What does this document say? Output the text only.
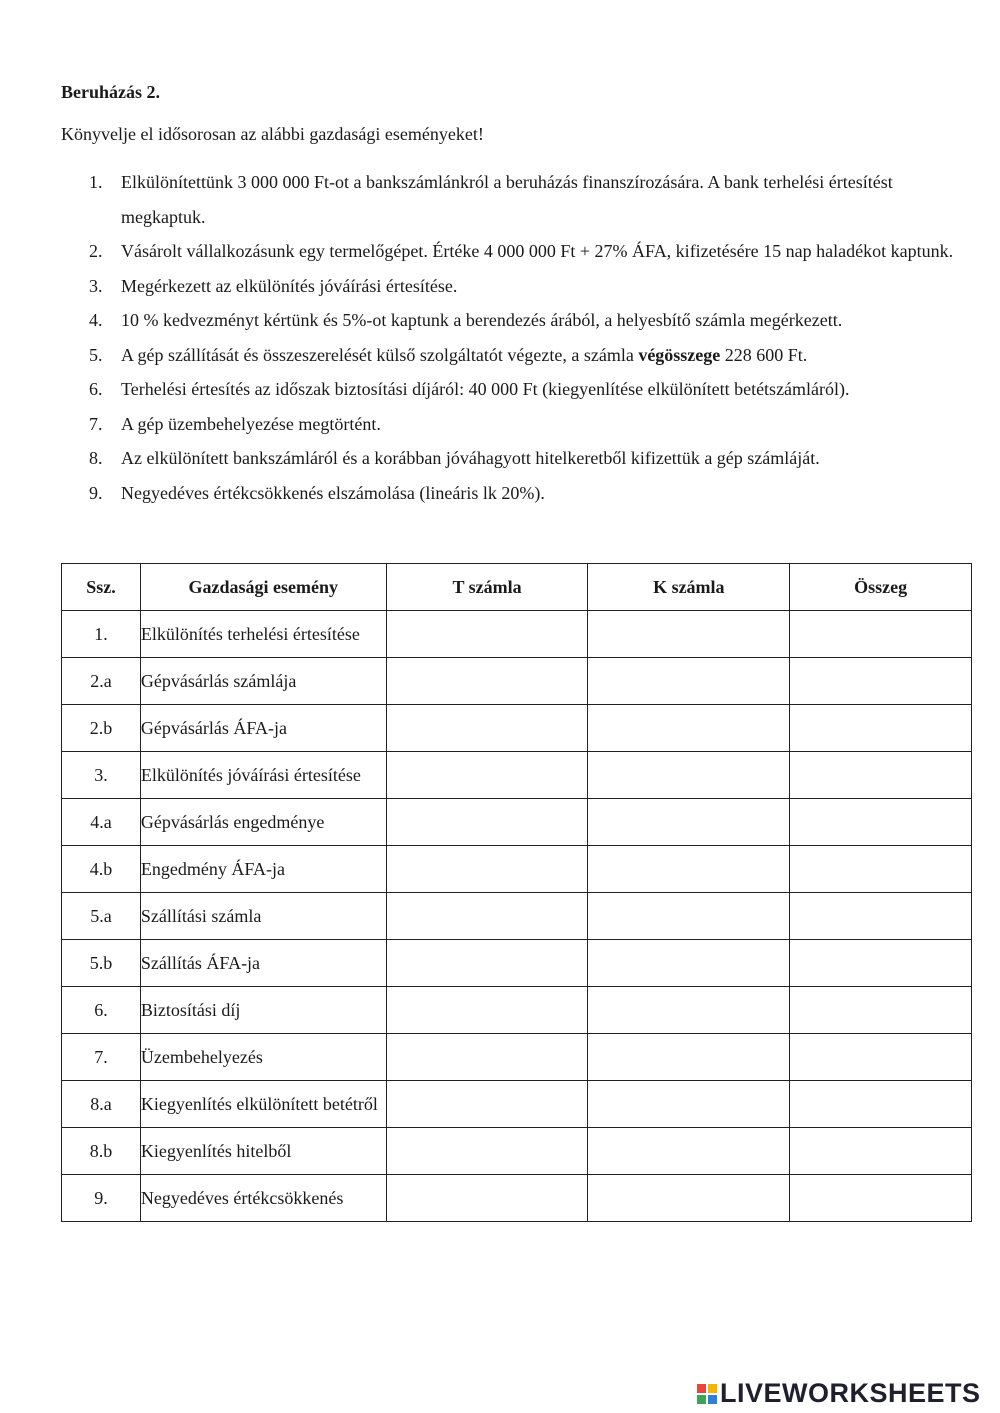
Beruházás 2.
Könyvelje el idősorosan az alábbi gazdasági eseményeket!
1. Elkülönítettünk 3 000 000 Ft-ot a bankszámlánkról a beruházás finanszírozására. A bank terhelési értesítést megkaptuk.
2. Vásárolt vállalkozásunk egy termelőgépet. Értéke 4 000 000 Ft + 27% ÁFA, kifizetésére 15 nap haladékot kaptunk.
3. Megérkezett az elkülönítés jóváírási értesítése.
4. 10 % kedvezményt kértünk és 5%-ot kaptunk a berendezés árából, a helyesbítő számla megérkezett.
5. A gép szállítását és összeszerelését külső szolgáltatót végezte, a számla végösszege 228 600 Ft.
6. Terhelési értesítés az időszak biztosítási díjáról: 40 000 Ft (kiegyenlítése elkülönített betétszámláról).
7. A gép üzembehelyezése megtörtént.
8. Az elkülönített bankszámláról és a korábban jóváhagyott hitelkeretből kifizettük a gép számláját.
9. Negyedéves értékcsökkenés elszámolása (lineáris lk 20%).
Ssz.	Gazdasági esemény	T számla	K számla	Összeg
1.	Elkülönítés terhelési értesítése			
2.a	Gépvásárlás számlája			
2.b	Gépvásárlás ÁFA-ja			
3.	Elkülönítés jóváírási értesítése			
4.a	Gépvásárlás engedménye			
4.b	Engedmény ÁFA-ja			
5.a	Szállítási számla			
5.b	Szállítás ÁFA-ja			
6.	Biztosítási díj			
7.	Üzembehelyezés			
8.a	Kiegyenlítés elkülönített betétről			
8.b	Kiegyenlítés hitelből			
9.	Negyedéves értékcsökkenés			
LIVEWORKSHEETS
